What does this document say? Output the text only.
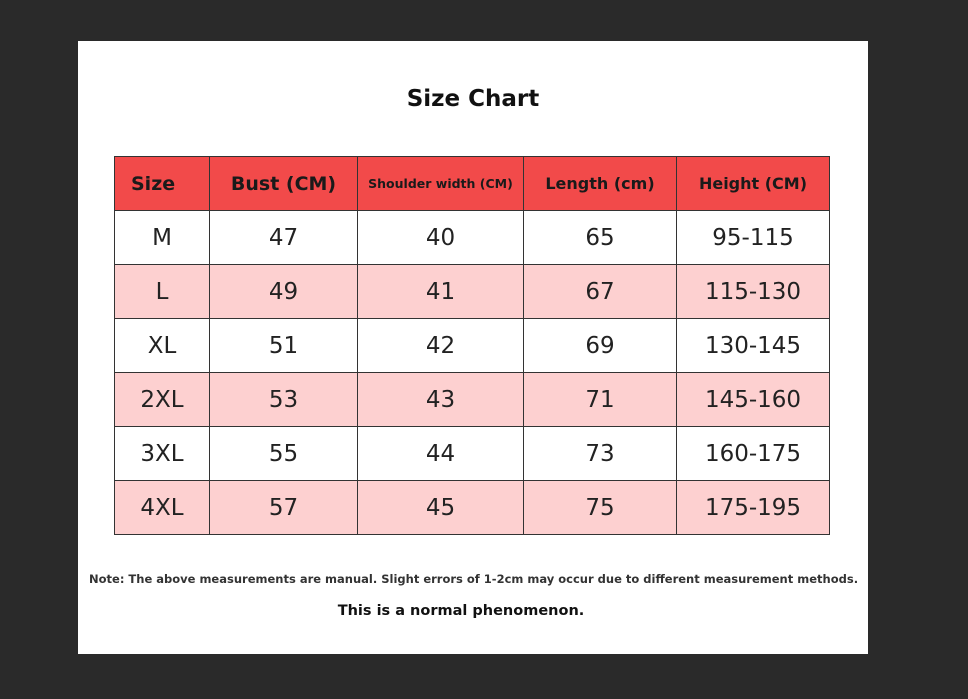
Size Chart
Size	Bust (CM)	Shoulder width (CM)	Length (cm)	Height (CM)
M	47	40	65	95-115
L	49	41	67	115-130
XL	51	42	69	130-145
2XL	53	43	71	145-160
3XL	55	44	73	160-175
4XL	57	45	75	175-195
Note: The above measurements are manual. Slight errors of 1-2cm may occur due to different measurement methods.
This is a normal phenomenon.
